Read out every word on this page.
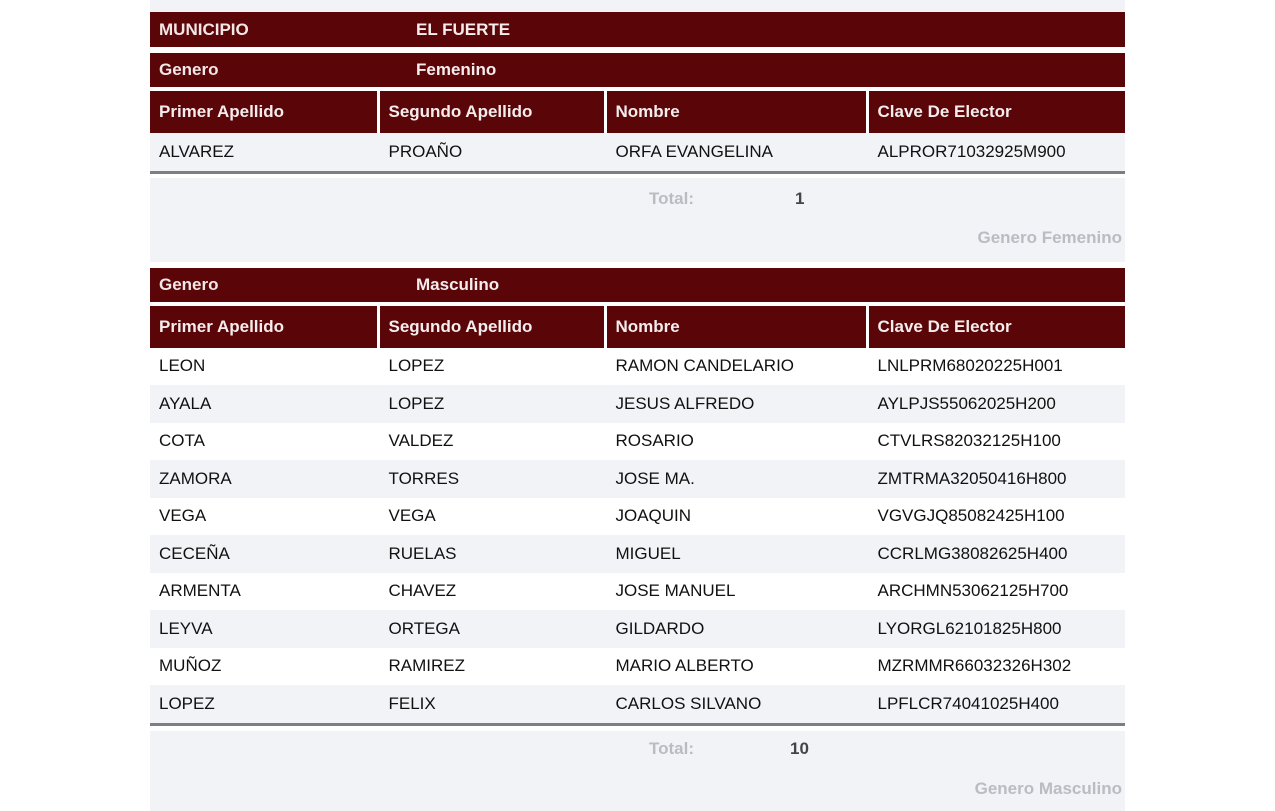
MUNICIPIO	EL FUERTE
Genero	Femenino
Primer Apellido	Segundo Apellido	Nombre	Clave De Elector
ALVAREZ	PROAÑO	ORFA EVANGELINA	ALPROR71032925M900
Total:	1
Genero Femenino
Genero	Masculino
Primer Apellido	Segundo Apellido	Nombre	Clave De Elector
LEON	LOPEZ	RAMON CANDELARIO	LNLPRM68020225H001
AYALA	LOPEZ	JESUS ALFREDO	AYLPJS55062025H200
COTA	VALDEZ	ROSARIO	CTVLRS82032125H100
ZAMORA	TORRES	JOSE MA.	ZMTRMA32050416H800
VEGA	VEGA	JOAQUIN	VGVGJQ85082425H100
CECEÑA	RUELAS	MIGUEL	CCRLMG38082625H400
ARMENTA	CHAVEZ	JOSE MANUEL	ARCHMN53062125H700
LEYVA	ORTEGA	GILDARDO	LYORGL62101825H800
MUÑOZ	RAMIREZ	MARIO ALBERTO	MZRMMR66032326H302
LOPEZ	FELIX	CARLOS SILVANO	LPFLCR74041025H400
Total:	10
Genero Masculino
